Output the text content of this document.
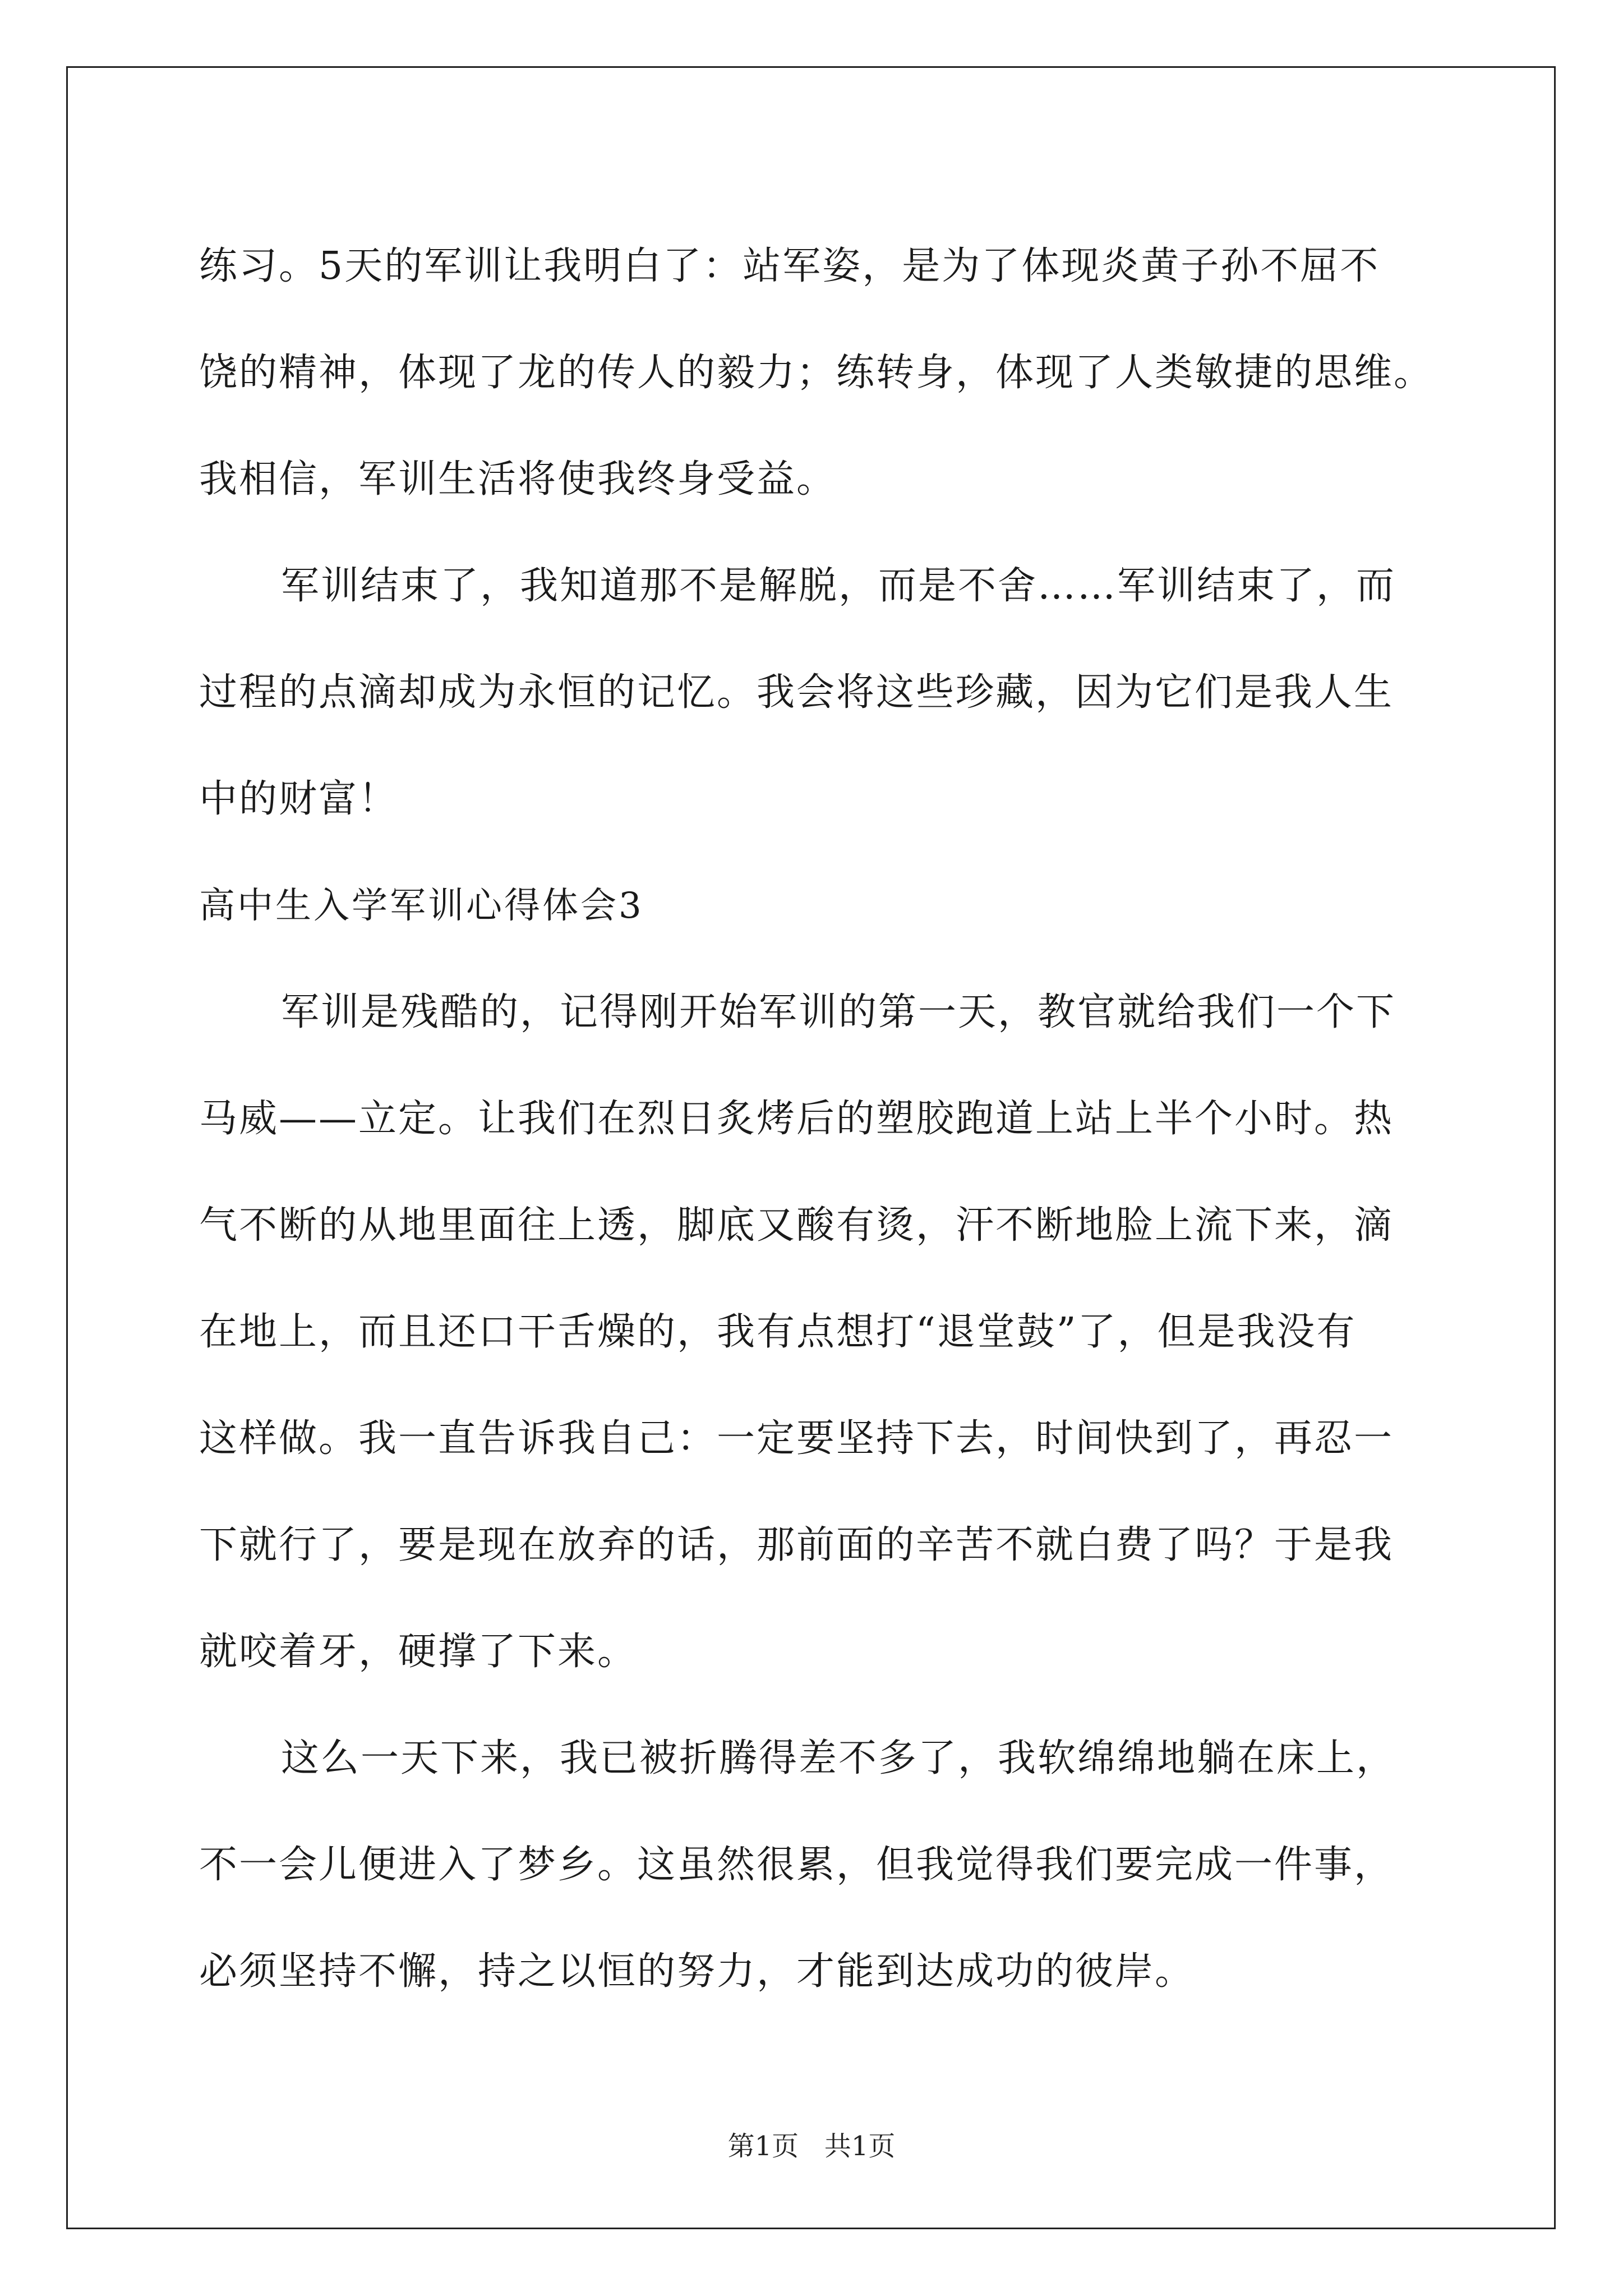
练习。5天的军训让我明白了：站军姿，是为了体现炎黄子孙不屈不
饶的精神，体现了龙的传人的毅力；练转身，体现了人类敏捷的思维。
我相信，军训生活将使我终身受益。
军训结束了，我知道那不是解脱，而是不舍……军训结束了，而
过程的点滴却成为永恒的记忆。我会将这些珍藏，因为它们是我人生
中的财富！
高中生入学军训心得体会3
军训是残酷的，记得刚开始军训的第一天，教官就给我们一个下
马威——立定。让我们在烈日炙烤后的塑胶跑道上站上半个小时。热
气不断的从地里面往上透，脚底又酸有烫，汗不断地脸上流下来，滴
在地上，而且还口干舌燥的，我有点想打“退堂鼓”了，但是我没有
这样做。我一直告诉我自己：一定要坚持下去，时间快到了，再忍一
下就行了，要是现在放弃的话，那前面的辛苦不就白费了吗？于是我
就咬着牙，硬撑了下来。
这么一天下来，我已被折腾得差不多了，我软绵绵地躺在床上，
不一会儿便进入了梦乡。这虽然很累，但我觉得我们要完成一件事，
必须坚持不懈，持之以恒的努力，才能到达成功的彼岸。
第1页   共1页
